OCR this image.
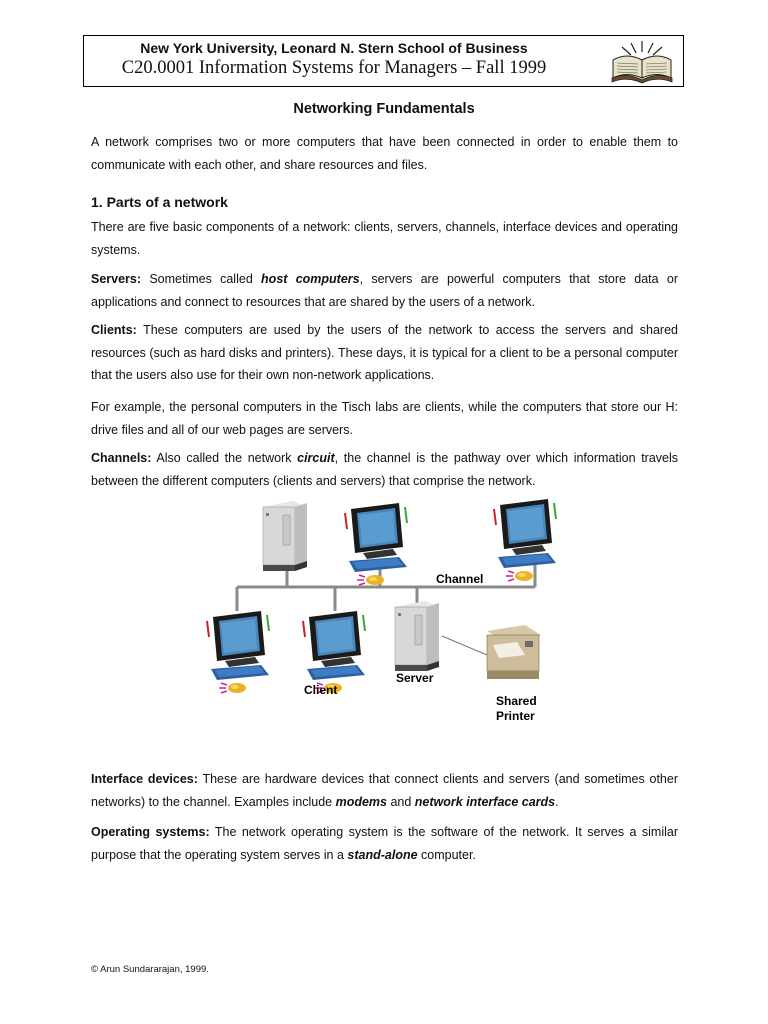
New York University, Leonard N. Stern School of Business
C20.0001 Information Systems for Managers – Fall 1999
Networking Fundamentals

A network comprises two or more computers that have been connected in order to enable them to communicate with each other, and share resources and files.

1. Parts of a network

There are five basic components of a network: clients, servers, channels, interface devices and operating systems.

Servers: Sometimes called host computers, servers are powerful computers that store data or applications and connect to resources that are shared by the users of a network.

Clients: These computers are used by the users of the network to access the servers and shared resources (such as hard disks and printers). These days, it is typical for a client to be a personal computer that the users also use for their own non-network applications.

For example, the personal computers in the Tisch labs are clients, while the computers that store our H: drive files and all of our web pages are servers.

Channels: Also called the network circuit, the channel is the pathway over which information travels between the different computers (clients and servers) that comprise the network.

Channel
Client
Server
Shared
Printer

Interface devices: These are hardware devices that connect clients and servers (and sometimes other networks) to the channel. Examples include modems and network interface cards.

Operating systems: The network operating system is the software of the network. It serves a similar purpose that the operating system serves in a stand-alone computer.

© Arun Sundararajan, 1999.
